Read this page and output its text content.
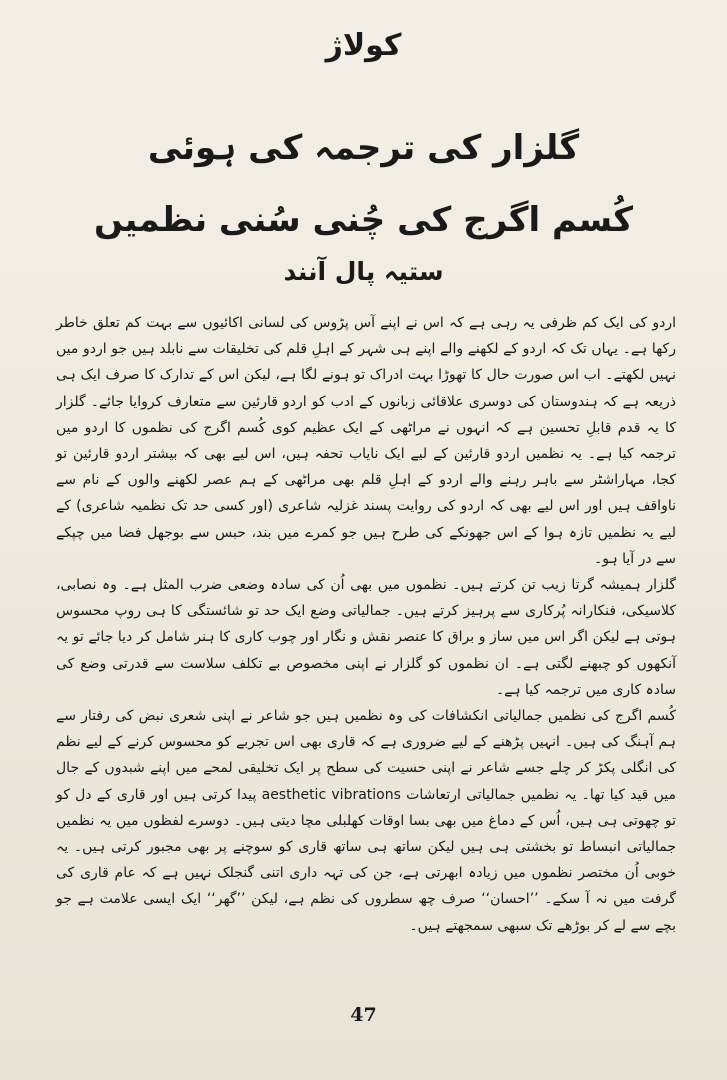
کولاژ
گلزار کی ترجمہ کی ہوئی
کُسم اگرج کی چُنی سُنی نظمیں
ستیہ پال آنند

اردو کی ایک کم ظرفی یہ رہی ہے کہ اس نے اپنے آس پڑوس کی لسانی اکائیوں سے بہت کم تعلق خاطر رکھا ہے۔ یہاں تک کہ اردو کے لکھنے والے اپنے ہی شہر کے اہلِ قلم کی تخلیقات سے نابلد ہیں جو اردو میں نہیں لکھتے۔ اب اس صورت حال کا تھوڑا بہت ادراک تو ہونے لگا ہے، لیکن اس کے تدارک کا صرف ایک ہی ذریعہ ہے کہ ہندوستان کی دوسری علاقائی زبانوں کے ادب کو اردو قارئین سے متعارف کروایا جائے۔ گلزار کا یہ قدم قابلِ تحسین ہے کہ انہوں نے مراٹھی کے ایک عظیم کوی کُسم اگرج کی نظموں کا اردو میں ترجمہ کیا ہے۔ یہ نظمیں اردو قارئین کے لیے ایک نایاب تحفہ ہیں، اس لیے بھی کہ بیشتر اردو قارئین تو کجا، مہاراشٹر سے باہر رہنے والے اردو کے اہلِ قلم بھی مراٹھی کے ہم عصر لکھنے والوں کے نام سے ناواقف ہیں اور اس لیے بھی کہ اردو کی روایت پسند غزلیہ شاعری (اور کسی حد تک نظمیہ شاعری) کے لیے یہ نظمیں تازہ ہوا کے اس جھونکے کی طرح ہیں جو کمرے میں بند، حبس سے بوجھل فضا میں چپکے سے در آیا ہو۔

گلزار ہمیشہ گرتا زیب تن کرتے ہیں۔ نظموں میں بھی اُن کی سادہ وضعی ضرب المثل ہے۔ وہ نصابی، کلاسیکی، فنکارانہ پُرکاری سے پرہیز کرتے ہیں۔ جمالیاتی وضع ایک حد تو شائستگی کا ہی روپ محسوس ہوتی ہے لیکن اگر اس میں ساز و براق کا عنصر نقش و نگار اور چوب کاری کا ہنر شامل کر دیا جائے تو یہ آنکھوں کو چبھنے لگتی ہے۔ ان نظموں کو گلزار نے اپنی مخصوص بے تکلف سلاست سے قدرتی وضع کی سادہ کاری میں ترجمہ کیا ہے۔

کُسم اگرج کی نظمیں جمالیاتی انکشافات کی وہ نظمیں ہیں جو شاعر نے اپنی شعری نبض کی رفتار سے ہم آہنگ کی ہیں۔ انہیں پڑھنے کے لیے ضروری ہے کہ قاری بھی اس تجربے کو محسوس کرنے کے لیے نظم کی انگلی پکڑ کر چلے جسے شاعر نے اپنی حسیت کی سطح پر ایک تخلیقی لمحے میں اپنے شبدوں کے جال میں قید کیا تھا۔ یہ نظمیں جمالیاتی ارتعاشات aesthetic vibrations پیدا کرتی ہیں اور قاری کے دل کو تو چھوتی ہی ہیں، اُس کے دماغ میں بھی بسا اوقات کھلبلی مچا دیتی ہیں۔ دوسرے لفظوں میں یہ نظمیں جمالیاتی انبساط تو بخشتی ہی ہیں لیکن ساتھ ہی ساتھ قاری کو سوچنے پر بھی مجبور کرتی ہیں۔ یہ خوبی اُن مختصر نظموں میں زیادہ ابھرتی ہے، جن کی تہہ داری اتنی گنجلک نہیں ہے کہ عام قاری کی گرفت میں نہ آ سکے۔ ’’احسان‘‘ صرف چھ سطروں کی نظم ہے، لیکن ’’گھر‘‘ ایک ایسی علامت ہے جو بچے سے لے کر بوڑھے تک سبھی سمجھتے ہیں۔

47
